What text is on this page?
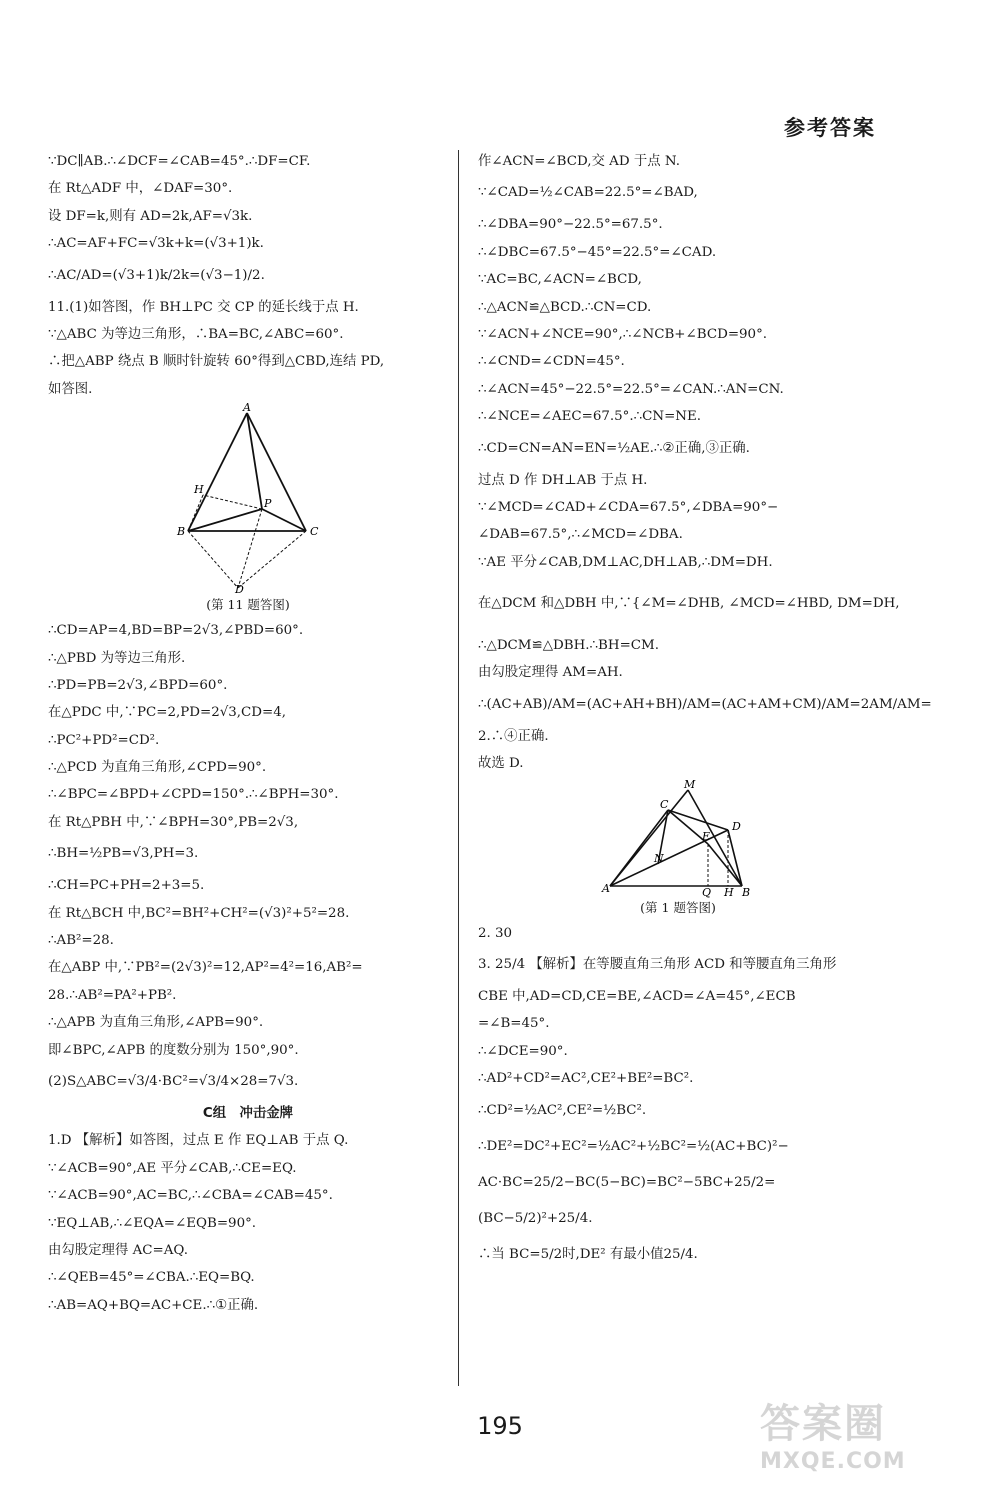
参考答案
∵DC∥AB.∴∠DCF=∠CAB=45°.∴DF=CF.
在 Rt△ADF 中，∠DAF=30°.
设 DF=k,则有 AD=2k,AF=√3k.
∴AC=AF+FC=√3k+k=(√3+1)k.
∴AC/AD=(√3+1)k/2k=(√3−1)/2.
11.(1)如答图，作 BH⊥PC 交 CP 的延长线于点 H.
∵△ABC 为等边三角形，∴BA=BC,∠ABC=60°.
∴把△ABP 绕点 B 顺时针旋转 60°得到△CBD,连结 PD,
如答图.
A
B	C
D
H
P
(第 11 题答图)
∴CD=AP=4,BD=BP=2√3,∠PBD=60°.
∴△PBD 为等边三角形.
∴PD=PB=2√3,∠BPD=60°.
在△PDC 中,∵PC=2,PD=2√3,CD=4,
∴PC²+PD²=CD².
∴△PCD 为直角三角形,∠CPD=90°.
∴∠BPC=∠BPD+∠CPD=150°.∴∠BPH=30°.
在 Rt△PBH 中,∵∠BPH=30°,PB=2√3,
∴BH=½PB=√3,PH=3.
∴CH=PC+PH=2+3=5.
在 Rt△BCH 中,BC²=BH²+CH²=(√3)²+5²=28.
∴AB²=28.
在△ABP 中,∵PB²=(2√3)²=12,AP²=4²=16,AB²=
28.∴AB²=PA²+PB².
∴△APB 为直角三角形,∠APB=90°.
即∠BPC,∠APB 的度数分别为 150°,90°.
(2)S△ABC=√3/4·BC²=√3/4×28=7√3.
C组　冲击金牌
1.D 【解析】如答图，过点 E 作 EQ⊥AB 于点 Q.
∵∠ACB=90°,AE 平分∠CAB,∴CE=EQ.
∵∠ACB=90°,AC=BC,∴∠CBA=∠CAB=45°.
∵EQ⊥AB,∴∠EQA=∠EQB=90°.
由勾股定理得 AC=AQ.
∴∠QEB=45°=∠CBA.∴EQ=BQ.
∴AB=AQ+BQ=AC+CE.∴①正确.
作∠ACN=∠BCD,交 AD 于点 N.
∵∠CAD=½∠CAB=22.5°=∠BAD,
∴∠DBA=90°−22.5°=67.5°.
∴∠DBC=67.5°−45°=22.5°=∠CAD.
∵AC=BC,∠ACN=∠BCD,
∴△ACN≌△BCD.∴CN=CD.
∵∠ACN+∠NCE=90°,∴∠NCB+∠BCD=90°.
∴∠CND=∠CDN=45°.
∴∠ACN=45°−22.5°=22.5°=∠CAN.∴AN=CN.
∴∠NCE=∠AEC=67.5°.∴CN=NE.
∴CD=CN=AN=EN=½AE.∴②正确,③正确.
过点 D 作 DH⊥AB 于点 H.
∵∠MCD=∠CAD+∠CDA=67.5°,∠DBA=90°−
∠DAB=67.5°,∴∠MCD=∠DBA.
∵AE 平分∠CAB,DM⊥AC,DH⊥AB,∴DM=DH.
在△DCM 和△DBH 中,∵{∠M=∠DHB, ∠MCD=∠HBD, DM=DH,
∴△DCM≌△DBH.∴BH=CM.
由勾股定理得 AM=AH.
∴(AC+AB)/AM=(AC+AH+BH)/AM=(AC+AM+CM)/AM=2AM/AM=
2.∴④正确.
故选 D.
A
C
M
E
D
N
Q H B
(第 1 题答图)
2. 30
3. 25/4 【解析】在等腰直角三角形 ACD 和等腰直角三角形
CBE 中,AD=CD,CE=BE,∠ACD=∠A=45°,∠ECB
=∠B=45°.
∴∠DCE=90°.
∴AD²+CD²=AC²,CE²+BE²=BC².
∴CD²=½AC²,CE²=½BC².
∴DE²=DC²+EC²=½AC²+½BC²=½(AC+BC)²−
AC·BC=25/2−BC(5−BC)=BC²−5BC+25/2=
(BC−5/2)²+25/4.
∴当 BC=5/2时,DE² 有最小值25/4.
195	答案圈
MXQE.COM
